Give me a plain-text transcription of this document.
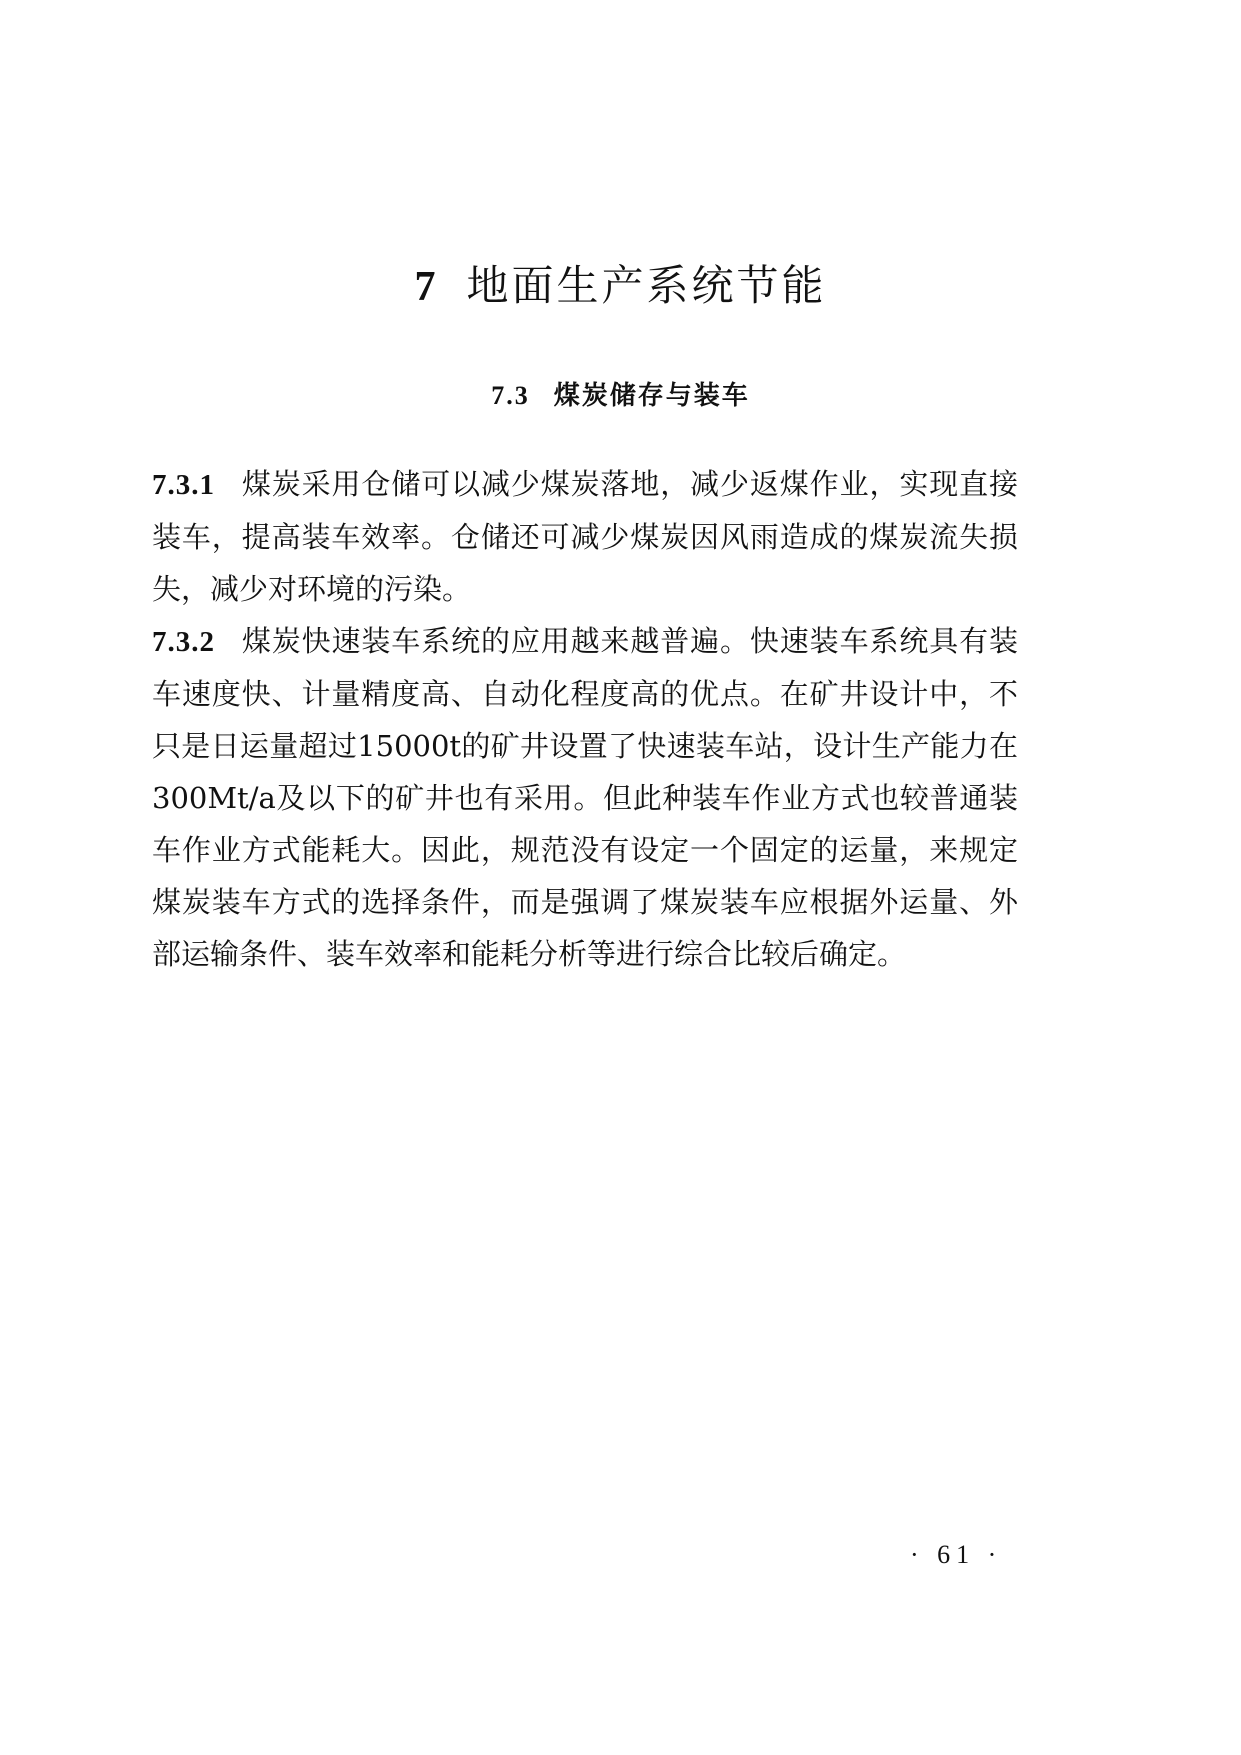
7 地面生产系统节能
7.3 煤炭储存与装车

7.3.1 煤炭采用仓储可以减少煤炭落地，减少返煤作业，实现直接装车，提高装车效率。仓储还可减少煤炭因风雨造成的煤炭流失损失，减少对环境的污染。

7.3.2 煤炭快速装车系统的应用越来越普遍。快速装车系统具有装车速度快、计量精度高、自动化程度高的优点。在矿井设计中，不只是日运量超过15000t的矿井设置了快速装车站，设计生产能力在300Mt/a及以下的矿井也有采用。但此种装车作业方式也较普通装车作业方式能耗大。因此，规范没有设定一个固定的运量，来规定煤炭装车方式的选择条件，而是强调了煤炭装车应根据外运量、外部运输条件、装车效率和能耗分析等进行综合比较后确定。

· 61 ·
